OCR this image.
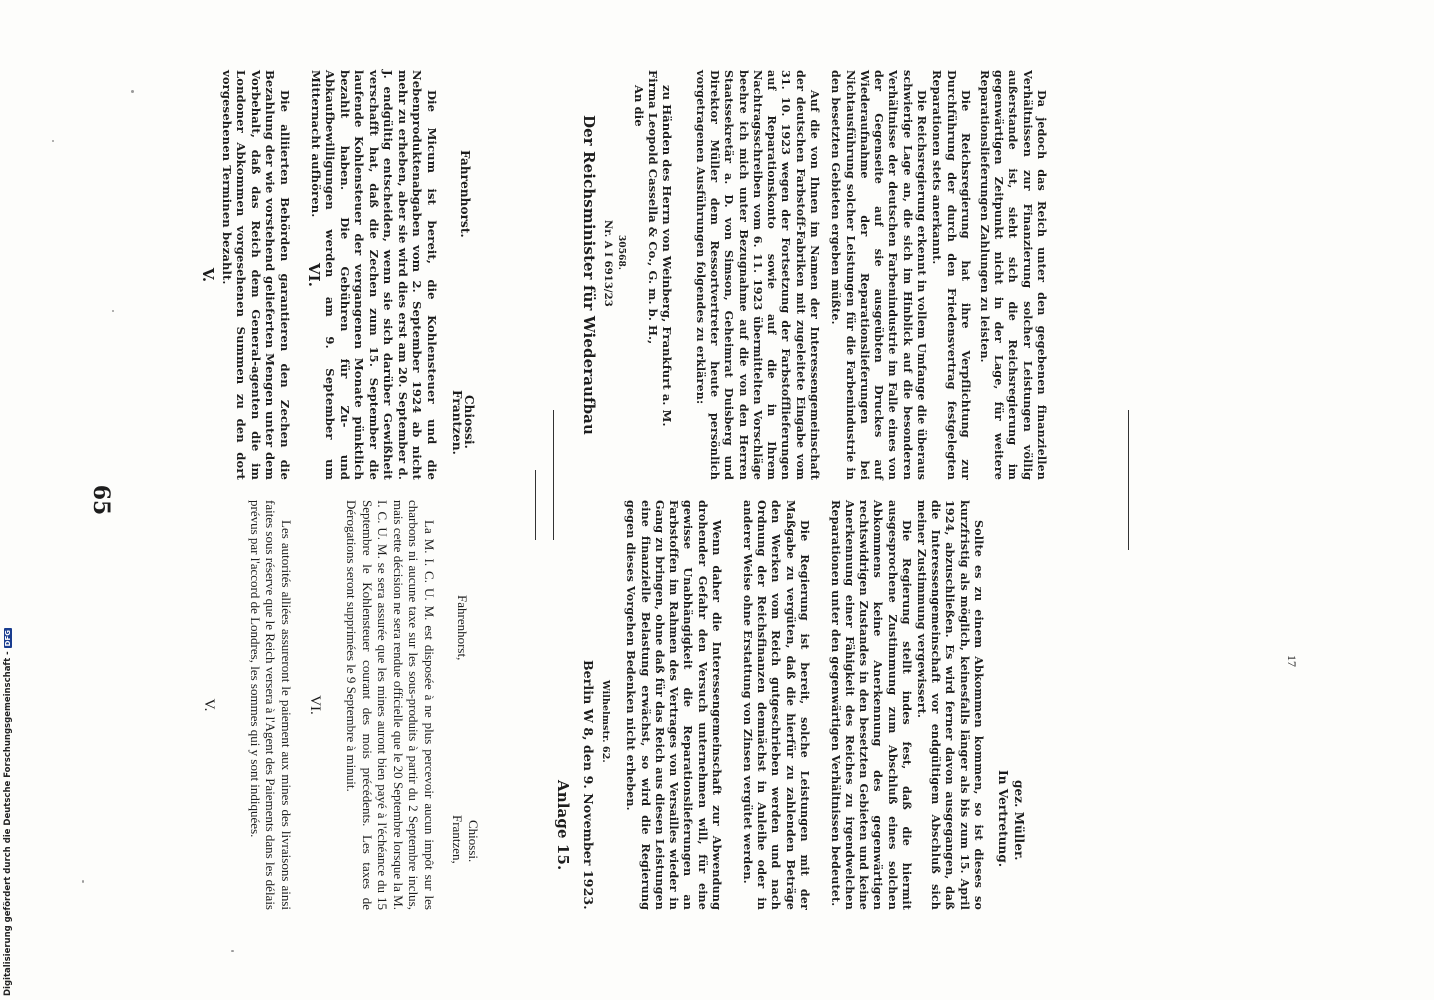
65
V.	Die alliierten Behörden garantieren den Zechen die Bezahlung der wie vorstehend gelieferten Mengen unter dem Vorbehalt, daß das Reich dem General-agenten die im Londoner Abkommen vorgesehenen Summen zu den dort vorgesehenen Terminen bezahlt.	VI.	Die Micum ist bereit, die Kohlensteuer und die Nebenproduktenabgaben vom 2. September 1924 ab nicht mehr zu erheben, aber sie wird dies erst am 20. September d. J. endgültig entscheiden, wenn sie sich darüber Gewißheit verschafft hat, daß die Zechen zum 15. September die laufende Kohlensteuer der vergangenen Monate pünktlich bezahlt haben. Die Gebühren für Zu- und Abkaufbewilligungen werden am 9. September um Mitternacht aufhören.	Fahrenhorst.
Frantzen.
Chiossi.	Der Reichsminister für Wiederaufbau Nr. A I 6913/23 30568.
An die Firma Leopold Cassella & Co., G. m. b. H., zu Händen des Herrn von Weinberg, Frankfurt a. M.	Auf die von Ihnen im Namen der Interessengemeinschaft der deutschen Farbstoff-Fabriken mit zugeleitete Eingabe vom 31. 10. 1923 wegen der Fortsetzung der Farbstofflieferungen auf Reparationskonto sowie auf die in Ihrem Nachtragsschreiben vom 6. 11. 1923 übermittelten Vorschläge beehre ich mich unter Bezugnahme auf die von den Herren Staatssekretär a. D. von Simson, Geheimrat Duisberg und Direktor Müller dem Ressortvertreter heute persönlich vorgetragenen Ausführungen folgendes zu erklären:	Die Reichsregierung erkennt in vollem Umfange die überaus schwierige Lage an, die sich im Hinblick auf die besonderen Verhältnisse der deutschen Farbenindustrie im Falle eines von der Gegenseite auf sie ausgeübten Druckes auf Wiederaufnahme der Reparationslieferungen bei Nichtausführung solcher Leistungen für die Farbenindustrie in den besetzten Gebieten ergeben müßte.	Die Reichsregierung hat ihre Verpflichtung zur Durchführung der durch den Friedensvertrag festgelegten Reparationen stets anerkannt.	Da jedoch das Reich unter den gegebenen finanziellen Verhältnissen zur Finanzierung solcher Leistungen völlig außerstande ist, sieht sich die Reichsregierung im gegenwärtigen Zeitpunkt nicht in der Lage, für weitere Reparationslieferungen Zahlungen zu leisten.

V.	Les autorités alliées assureront le paiement aux mines des livraisons ainsi faites sous réserve que le Reich versera à l'Agent des Paiements dans les délais prévus par l'accord de Londres, les sommes qui y sont indiquées.	VI.	La M. I. C. U. M. est disposée à ne plus percevoir aucun impôt sur les charbons ni aucune taxe sur les sous-produits à partir du 2 Septembre inclus, mais cette décision ne sera rendue officielle que le 20 Septembre lorsque la M. I. C. U. M. se sera assurée que les mines auront bien payé à l'échéance du 15 Septembre le Kohlensteuer courant des mois précédents. Les taxes de Dérogations seront supprimées le 9 Septembre à minuit.	Fahrenhorst,
Frantzen, Chiossi.	Anlage 15. Berlin W 8, den 9. November 1923. Wilhelmstr. 62.	Wenn daher die Interessengemeinschaft zur Abwendung drohender Gefahr den Versuch unternehmen will, für eine gewisse Unabhängigkeit die Reparationslieferungen an Farbstoffen im Rahmen des Vertrages von Versailles wieder in Gang zu bringen, ohne daß für das Reich aus diesen Leistungen eine finanzielle Belastung erwächst, so wird die Regierung gegen dieses Vorgehen Bedenken nicht erheben.	Die Regierung ist bereit, solche Leistungen mit der Maßgabe zu vergüten, daß die hierfür zu zahlenden Beträge den Werken vom Reich gutgeschrieben werden und nach Ordnung der Reichsfinanzen demnächst in Anleihe oder in anderer Weise ohne Erstattung von Zinsen vergütet werden.	Die Regierung stellt indes fest, daß die hiermit ausgesprochene Zustimmung zum Abschluß eines solchen Abkommens keine Anerkennung des gegenwärtigen rechtswidrigen Zustandes in den besetzten Gebieten und keine Anerkennung einer Fähigkeit des Reiches zu irgendwelchen Reparationen unter den gegenwärtigen Verhältnissen bedeutet.	Sollte es zu einem Abkommen kommen, so ist dieses so kurzfristig als möglich, keinesfalls länger als bis zum 15. April 1924, abzuschließen. Es wird ferner davon ausgegangen, daß die Interessengemeinschaft vor endgültigem Abschluß sich meiner Zustimmung vergewissert.

In Vertretung. gez. Müller.
17
Digitalisierung gefördert durch die Deutsche Forschungsgemeinschaft -DFG
